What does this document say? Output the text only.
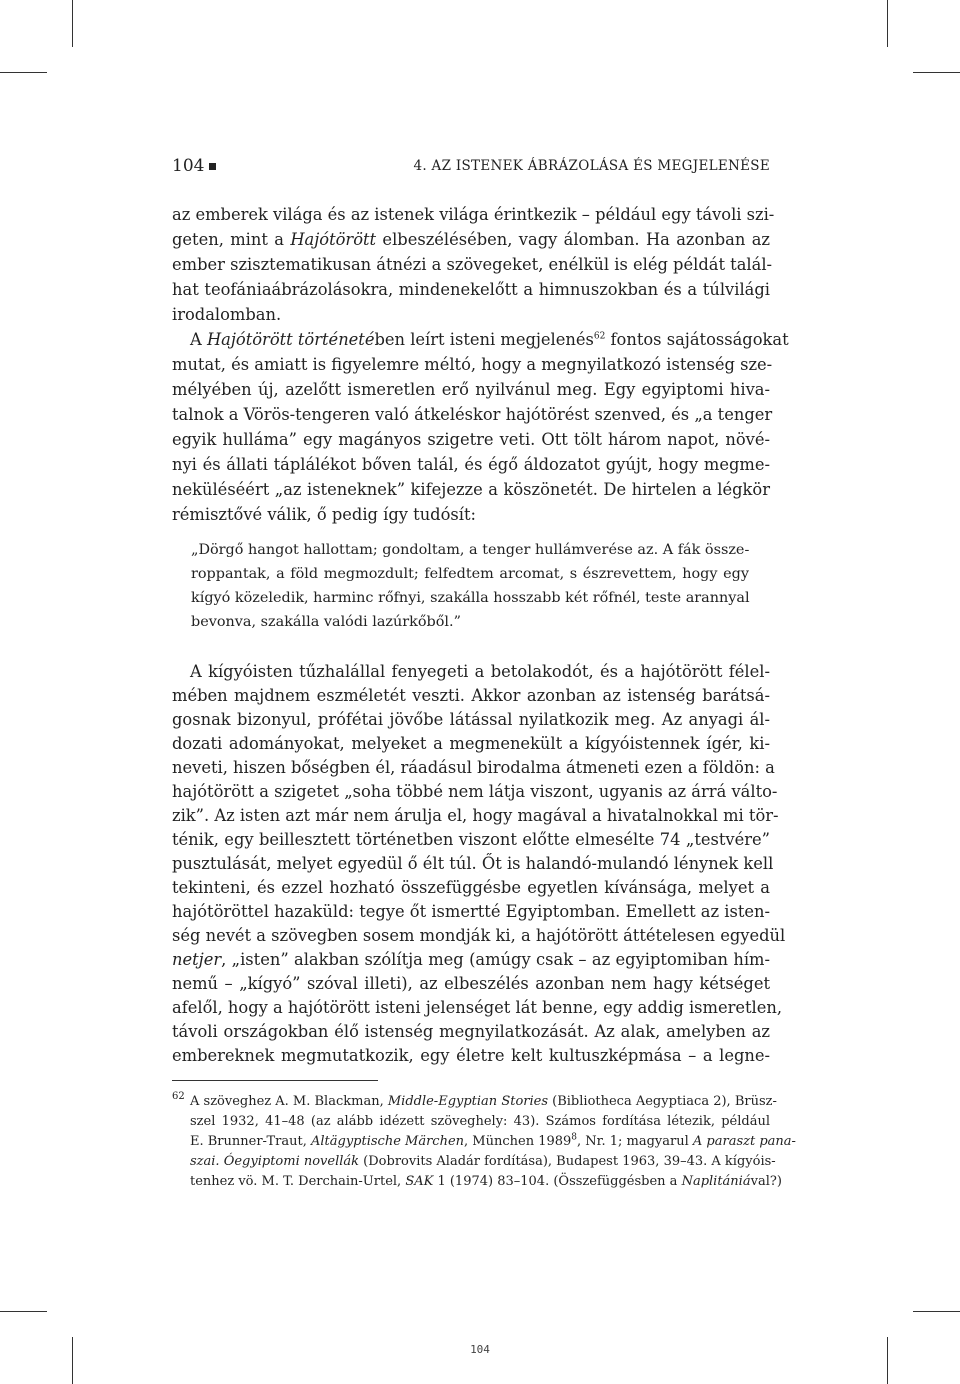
104	4. AZ ISTENEK ÁBRÁZOLÁSA ÉS MEGJELENÉSE
az emberek világa és az istenek világa érintkezik – például egy távoli szi-
geten, mint a Hajótörött elbeszélésében, vagy álomban. Ha azonban az
ember szisztematikusan átnézi a szövegeket, enélkül is elég példát talál-
hat teofániaábrázolásokra, mindenekelőtt a himnuszokban és a túlvilági
irodalomban.
A Hajótörött történetében leírt isteni megjelenés$^{62}$ fontos sajátosságokat
mutat, és amiatt is figyelemre méltó, hogy a megnyilatkozó istenség sze-
mélyében új, azelőtt ismeretlen erő nyilvánul meg. Egy egyiptomi hiva-
talnok a Vörös-tengeren való átkeléskor hajótörést szenved, és „a tenger
egyik hulláma” egy magányos szigetre veti. Ott tölt három napot, növé-
nyi és állati táplálékot bőven talál, és égő áldozatot gyújt, hogy megme-
neküléséért „az isteneknek” kifejezze a köszönetét. De hirtelen a légkör
rémisztővé válik, ő pedig így tudósít:
„Dörgő hangot hallottam; gondoltam, a tenger hullámverése az. A fák össze-
roppantak, a föld megmozdult; felfedtem arcomat, s észrevettem, hogy egy
kígyó közeledik, harminc rőfnyi, szakálla hosszabb két rőfnél, teste arannyal
bevonva, szakálla valódi lazúrkőből.”
A kígyóisten tűzhalállal fenyegeti a betolakodót, és a hajótörött félel-
mében majdnem eszméletét veszti. Akkor azonban az istenség barátsá-
gosnak bizonyul, prófétai jövőbe látással nyilatkozik meg. Az anyagi ál-
dozati adományokat, melyeket a megmenekült a kígyóistennek ígér, ki-
neveti, hiszen bőségben él, ráadásul birodalma átmeneti ezen a földön: a
hajótörött a szigetet „soha többé nem látja viszont, ugyanis az árrá válto-
zik”. Az isten azt már nem árulja el, hogy magával a hivatalnokkal mi tör-
ténik, egy beillesztett történetben viszont előtte elmesélte 74 „testvére”
pusztulását, melyet egyedül ő élt túl. Őt is halandó-mulandó lénynek kell
tekinteni, és ezzel hozható összefüggésbe egyetlen kívánsága, melyet a
hajótöröttel hazaküld: tegye őt ismertté Egyiptomban. Emellett az isten-
ség nevét a szövegben sosem mondják ki, a hajótörött áttételesen egyedül
netjer, „isten” alakban szólítja meg (amúgy csak – az egyiptomiban hím-
nemű – „kígyó” szóval illeti), az elbeszélés azonban nem hagy kétséget
afelől, hogy a hajótörött isteni jelenséget lát benne, egy addig ismeretlen,
távoli országokban élő istenség megnyilatkozását. Az alak, amelyben az
embereknek megmutatkozik, egy életre kelt kultuszképmása – a legne-
62 A szöveghez A. M. Blackman, Middle-Egyptian Stories (Bibliotheca Aegyptiaca 2), Brüsz-
szel 1932, 41–48 (az alább idézett szöveghely: 43). Számos fordítása létezik, például
E. Brunner-Traut, Altägyptische Märchen, München 1989$^8$, Nr. 1; magyarul A paraszt pana-
szai. Óegyiptomi novellák (Dobrovits Aladár fordítása), Budapest 1963, 39–43. A kígyóis-
tenhez vö. M. T. Derchain-Urtel, SAK 1 (1974) 83–104. (Összefüggésben a Naplitániával?)
104
